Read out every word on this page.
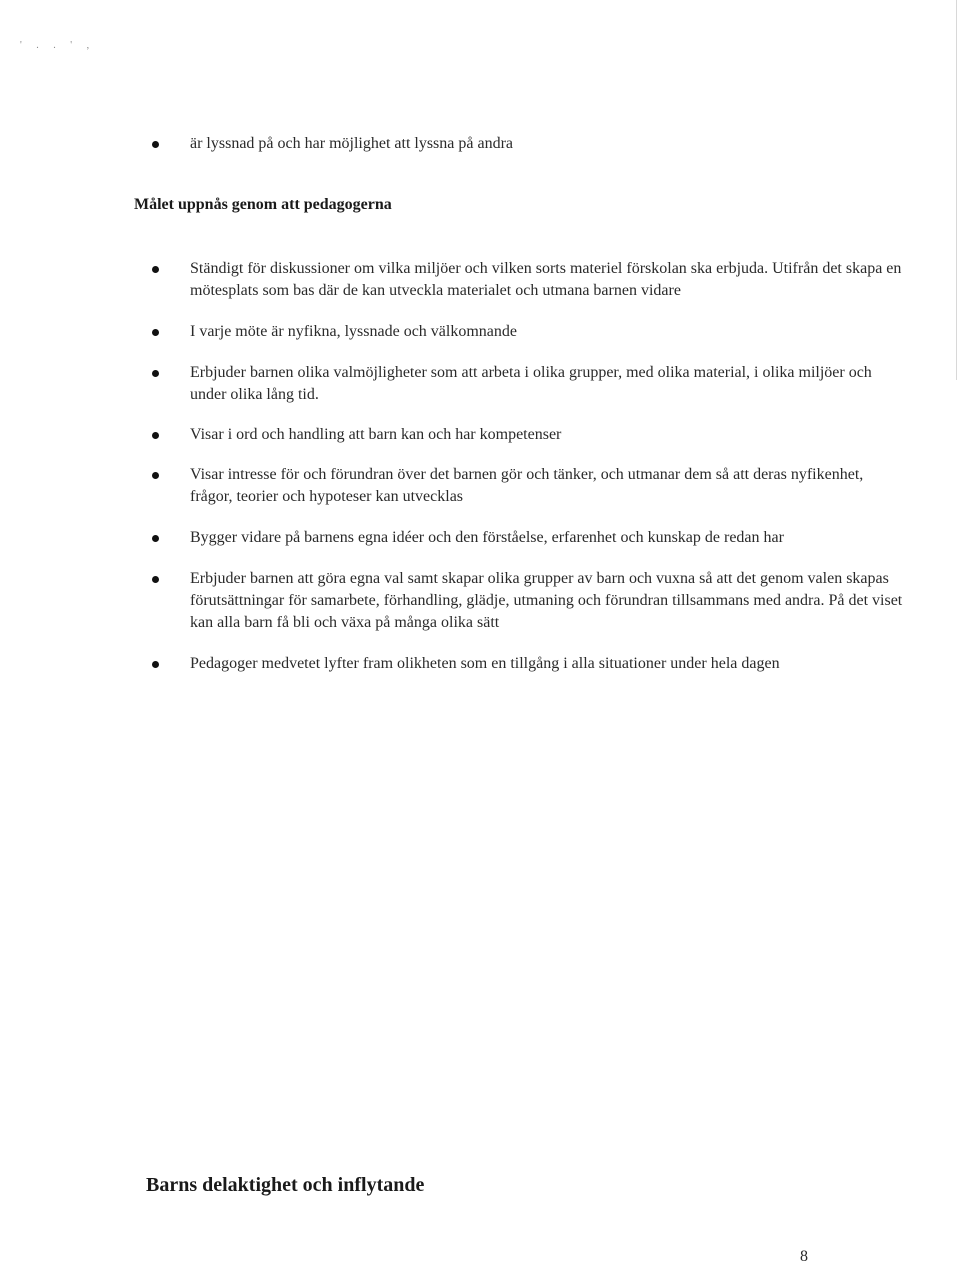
' . . ' ,
är lyssnad på och har möjlighet att lyssna på andra
Målet uppnås genom att pedagogerna
Ständigt för diskussioner om vilka miljöer och vilken sorts materiel förskolan ska erbjuda. Utifrån det skapa en mötesplats som bas där de kan utveckla materialet och utmana barnen vidare
I varje möte är nyfikna, lyssnade och välkomnande
Erbjuder barnen olika valmöjligheter som att arbeta i olika grupper, med olika material, i olika miljöer och under olika lång tid.
Visar i ord och handling att barn kan och har kompetenser
Visar intresse för och förundran över det barnen gör och tänker, och utmanar dem så att deras nyfikenhet, frågor, teorier och hypoteser kan utvecklas
Bygger vidare på barnens egna idéer och den förståelse, erfarenhet och kunskap de redan har
Erbjuder barnen att göra egna val samt skapar olika grupper av barn och vuxna så att det genom valen skapas förutsättningar för samarbete, förhandling, glädje, utmaning och förundran tillsammans med andra. På det viset kan alla barn få bli och växa på många olika sätt
Pedagoger medvetet lyfter fram olikheten som en tillgång i alla situationer under hela dagen
Barns delaktighet och inflytande
8
